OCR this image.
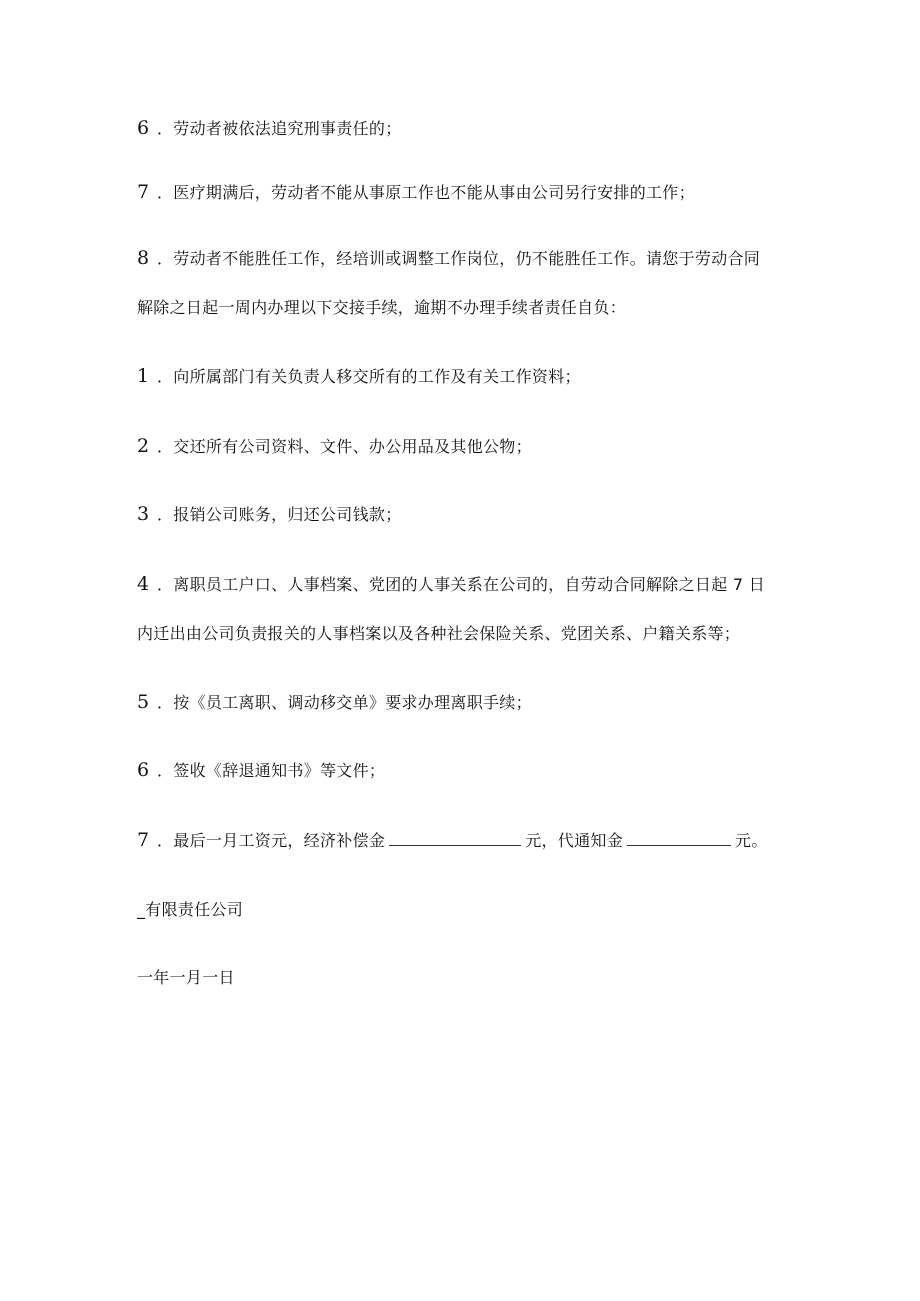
6 ．劳动者被依法追究刑事责任的；
7 ．医疗期满后，劳动者不能从事原工作也不能从事由公司另行安排的工作；
8 ．劳动者不能胜任工作，经培训或调整工作岗位，仍不能胜任工作。请您于劳动合同
解除之日起一周内办理以下交接手续，逾期不办理手续者责任自负：
1 ．向所属部门有关负责人移交所有的工作及有关工作资料；
2 ．交还所有公司资料、文件、办公用品及其他公物；
3 ．报销公司账务，归还公司钱款；
4 ．离职员工户口、人事档案、党团的人事关系在公司的，自劳动合同解除之日起 7 日
内迁出由公司负责报关的人事档案以及各种社会保险关系、党团关系、户籍关系等；
5 ．按《员工离职、调动移交单》要求办理离职手续；
6 ．签收《辞退通知书》等文件；
7 ．最后一月工资元，经济补偿金	元，代通知金	元。
_有限责任公司
一年一月一日
